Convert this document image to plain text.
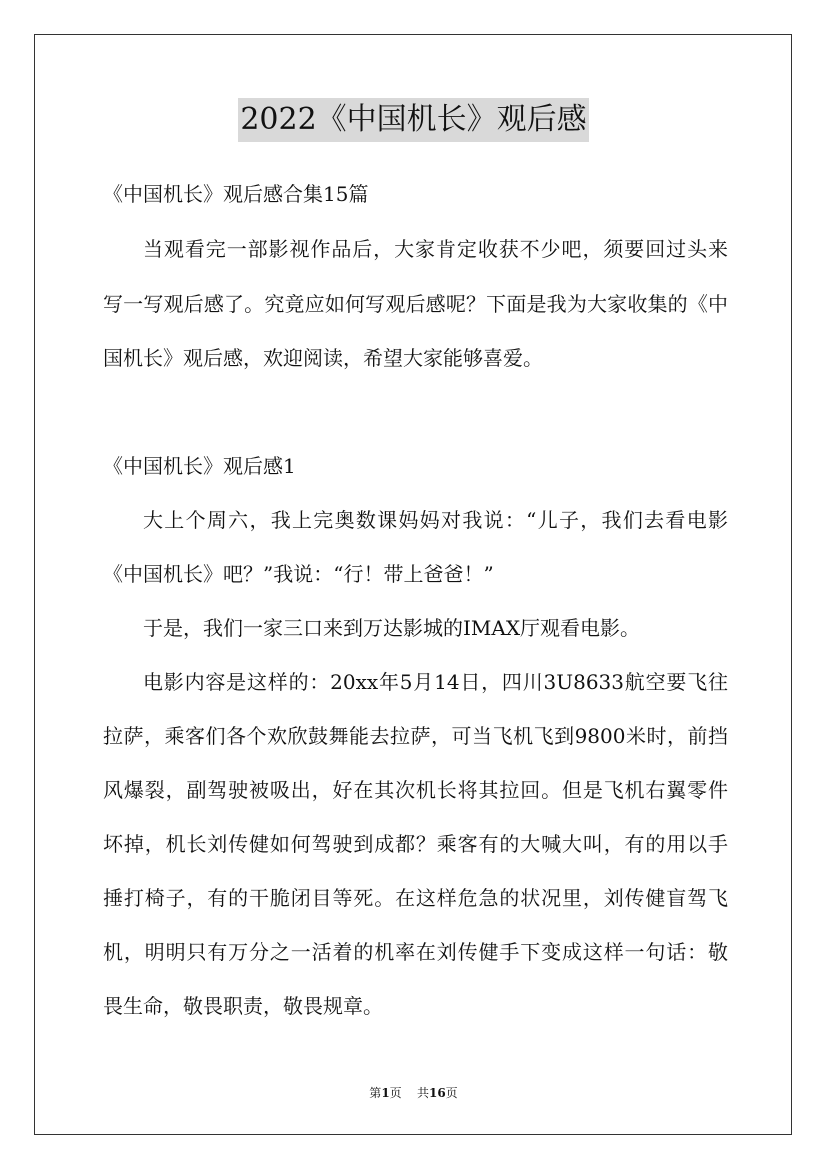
2022《中国机长》观后感
《中国机长》观后感合集15篇
当观看完一部影视作品后，大家肯定收获不少吧，须要回过头来
写一写观后感了。究竟应如何写观后感呢？下面是我为大家收集的《中
国机长》观后感，欢迎阅读，希望大家能够喜爱。
《中国机长》观后感1
大上个周六，我上完奥数课妈妈对我说：“儿子，我们去看电影
《中国机长》吧？”我说：“行！带上爸爸！”
于是，我们一家三口来到万达影城的IMAX厅观看电影。
电影内容是这样的：20xx年5月14日，四川3U8633航空要飞往
拉萨，乘客们各个欢欣鼓舞能去拉萨，可当飞机飞到9800米时，前挡
风爆裂，副驾驶被吸出，好在其次机长将其拉回。但是飞机右翼零件
坏掉，机长刘传健如何驾驶到成都？乘客有的大喊大叫，有的用以手
捶打椅子，有的干脆闭目等死。在这样危急的状况里，刘传健盲驾飞
机，明明只有万分之一活着的机率在刘传健手下变成这样一句话：敬
畏生命，敬畏职责，敬畏规章。
第1页 共16页
